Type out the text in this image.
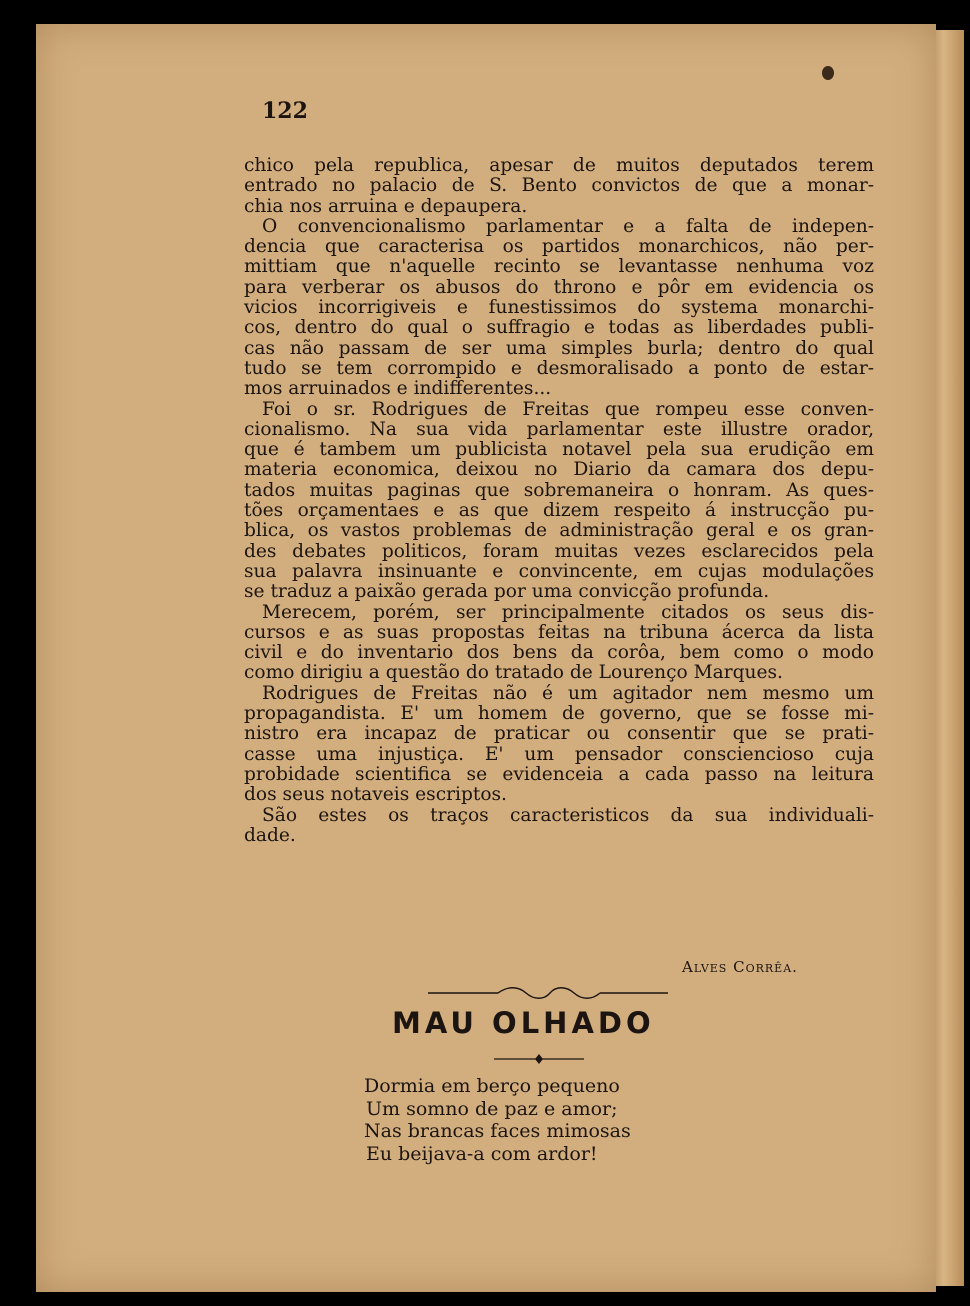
122

chico pela republica, apesar de muitos deputados terem
entrado no palacio de S. Bento convictos de que a monar-
chia nos arruina e depaupera.
O convencionalismo parlamentar e a falta de indepen-
dencia que caracterisa os partidos monarchicos, não per-
mittiam que n'aquelle recinto se levantasse nenhuma voz
para verberar os abusos do throno e pôr em evidencia os
vicios incorrigiveis e funestissimos do systema monarchi-
cos, dentro do qual o suffragio e todas as liberdades publi-
cas não passam de ser uma simples burla; dentro do qual
tudo se tem corrompido e desmoralisado a ponto de estar-
mos arruinados e indifferentes...
Foi o sr. Rodrigues de Freitas que rompeu esse conven-
cionalismo. Na sua vida parlamentar este illustre orador,
que é tambem um publicista notavel pela sua erudição em
materia economica, deixou no Diario da camara dos depu-
tados muitas paginas que sobremaneira o honram. As ques-
tões orçamentaes e as que dizem respeito á instrucção pu-
blica, os vastos problemas de administração geral e os gran-
des debates politicos, foram muitas vezes esclarecidos pela
sua palavra insinuante e convincente, em cujas modulações
se traduz a paixão gerada por uma convicção profunda.
Merecem, porém, ser principalmente citados os seus dis-
cursos e as suas propostas feitas na tribuna ácerca da lista
civil e do inventario dos bens da corôa, bem como o modo
como dirigiu a questão do tratado de Lourenço Marques.
Rodrigues de Freitas não é um agitador nem mesmo um
propagandista. E' um homem de governo, que se fosse mi-
nistro era incapaz de praticar ou consentir que se prati-
casse uma injustiça. E' um pensador consciencioso cuja
probidade scientifica se evidenceia a cada passo na leitura
dos seus notaveis escriptos.
São estes os traços caracteristicos da sua individuali-
dade.

Alves Corrêa.

MAU OLHADO
Dormia em berço pequeno
Um somno de paz e amor;
Nas brancas faces mimosas
Eu beijava-a com ardor!
